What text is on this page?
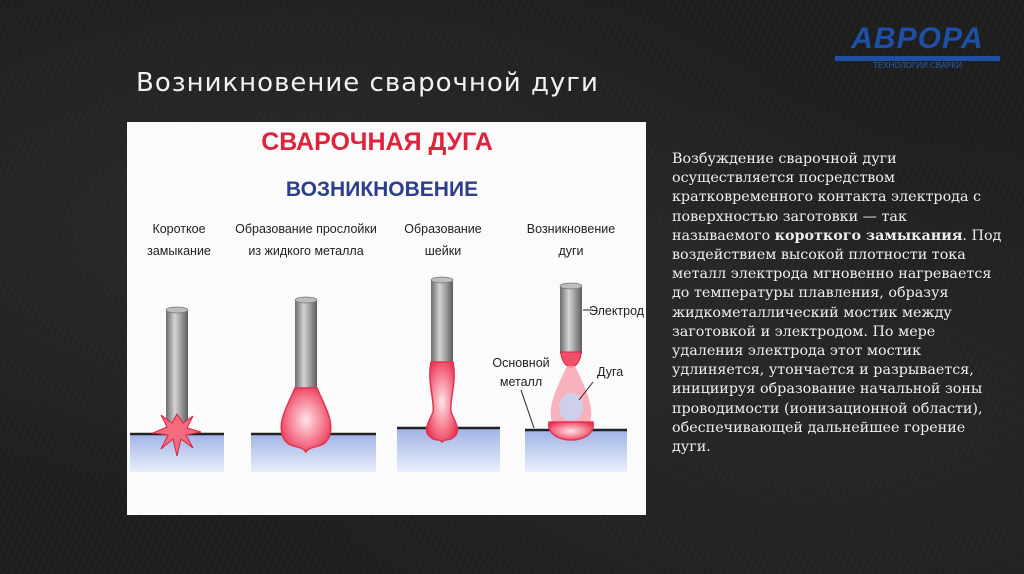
АВРОРА
ТЕХНОЛОГИИ СВАРКИ
Возникновение сварочной дуги
СВАРОЧНАЯ ДУГА
ВОЗНИКНОВЕНИЕ
Короткое
замыкание
Образование прослойки
из жидкого металла
Образование
шейки
Возникновение
дуги
Электрод
Дуга
Основной
металл

Возбуждение сварочной дуги осуществляется посредством кратковременного контакта электрода с поверхностью заготовки — так называемого короткого замыкания. Под воздействием высокой плотности тока металл электрода мгновенно нагревается до температуры плавления, образуя жидкометаллический мостик между заготовкой и электродом. По мере удаления электрода этот мостик удлиняется, утончается и разрывается, инициируя образование начальной зоны проводимости (ионизационной области), обеспечивающей дальнейшее горение дуги.
